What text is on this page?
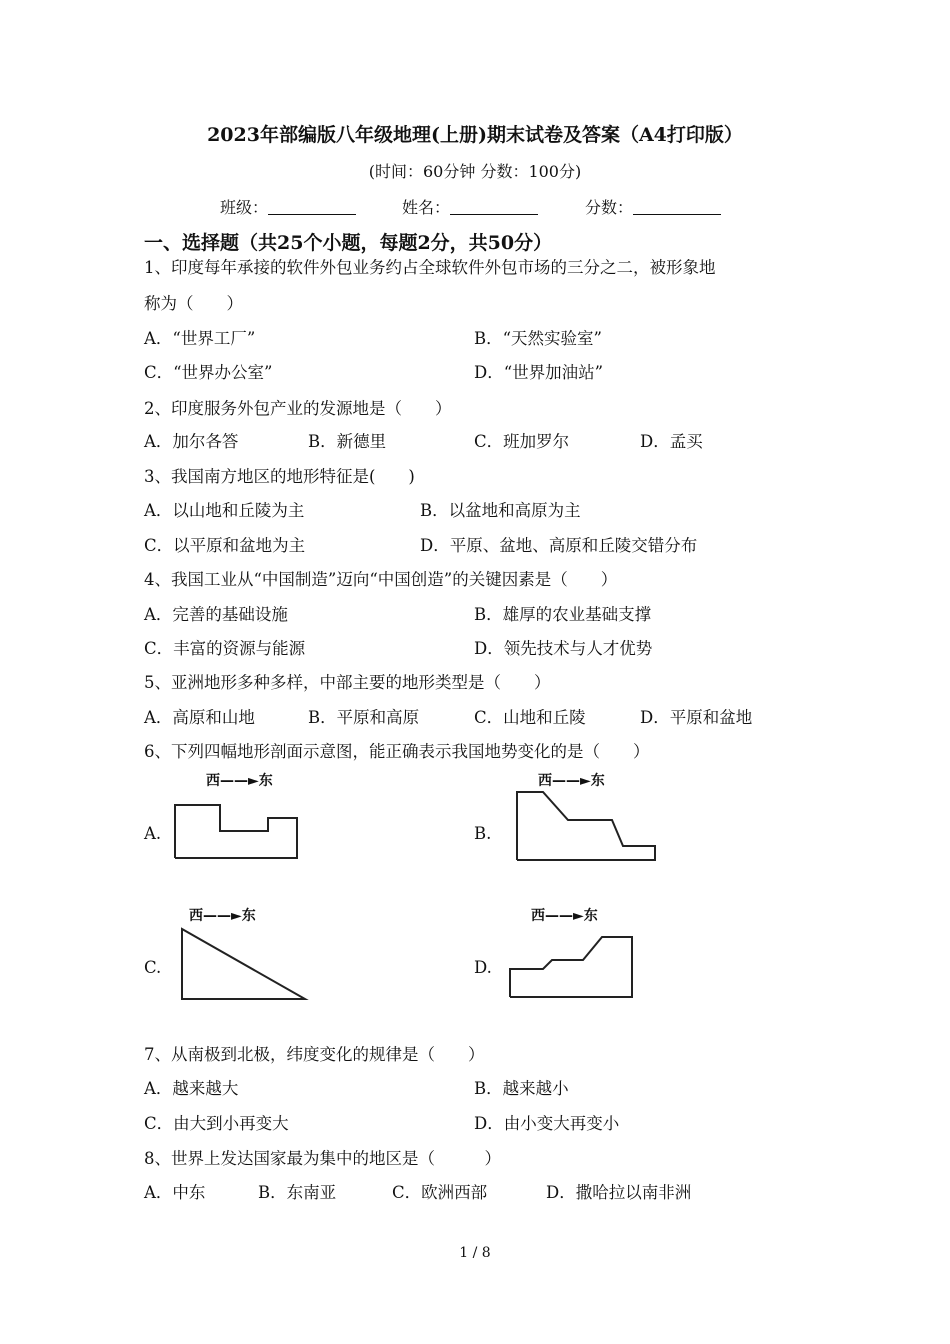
2023年部编版八年级地理(上册)期末试卷及答案（A4打印版）
(时间：60分钟 分数：100分)
班级：	姓名：	分数：
一、选择题（共25个小题，每题2分，共50分）
1、印度每年承接的软件外包业务约占全球软件外包市场的三分之二，被形象地
称为（　　）
A．“世界工厂”	B．“天然实验室”
C．“世界办公室”	D．“世界加油站”
2、印度服务外包产业的发源地是（　　）
A．加尔各答	B．新德里	C．班加罗尔	D．孟买
3、我国南方地区的地形特征是(　　)
A．以山地和丘陵为主	B．以盆地和高原为主
C．以平原和盆地为主	D．平原、盆地、高原和丘陵交错分布
4、我国工业从“中国制造”迈向“中国创造”的关键因素是（　　）
A．完善的基础设施	B．雄厚的农业基础支撑
C．丰富的资源与能源	D．领先技术与人才优势
5、亚洲地形多种多样，中部主要的地形类型是（　　）
A．高原和山地	B．平原和高原	C．山地和丘陵	D．平原和盆地
6、下列四幅地形剖面示意图，能正确表示我国地势变化的是（　　）
A.	B.
C.	D.
西——►东	西——►东
西——►东	西——►东
7、从南极到北极，纬度变化的规律是（　　）
A．越来越大	B．越来越小
C．由大到小再变大	D．由小变大再变小
8、世界上发达国家最为集中的地区是（　　　）
A．中东	B．东南亚	C．欧洲西部	D．撒哈拉以南非洲
1 / 8
